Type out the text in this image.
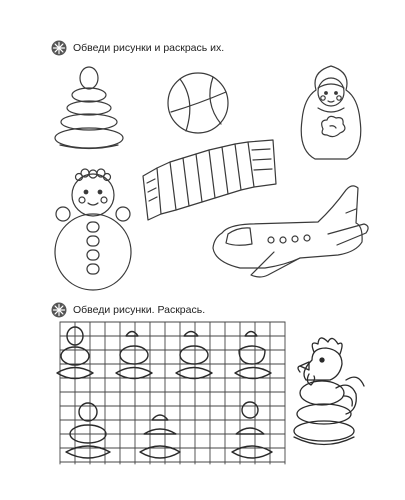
Обведи рисунки и раскрась их.
Обведи рисунки. Раскрась.
